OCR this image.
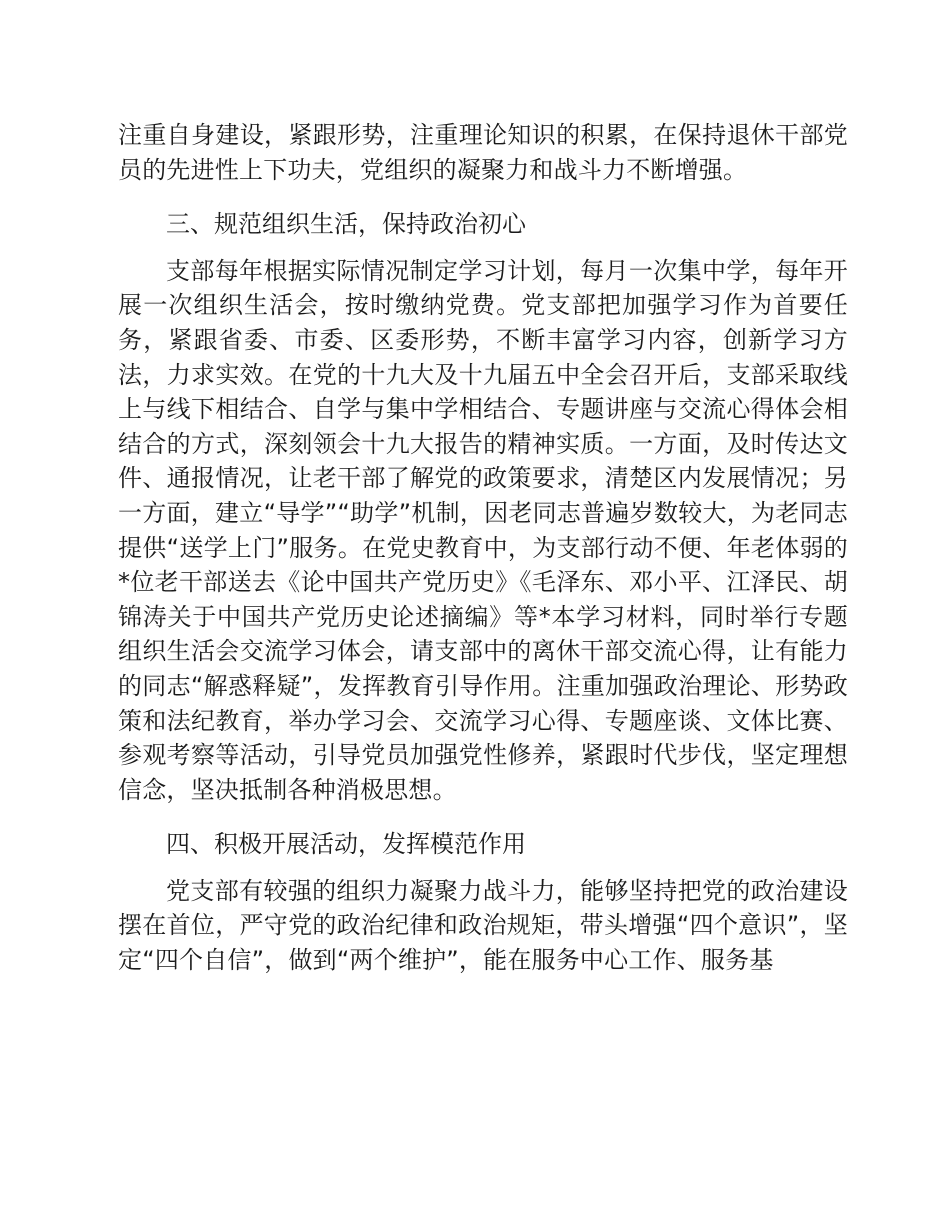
注重自身建设，紧跟形势，注重理论知识的积累，在保持退休干部党员的先进性上下功夫，党组织的凝聚力和战斗力不断增强。

三、规范组织生活，保持政治初心

支部每年根据实际情况制定学习计划，每月一次集中学，每年开展一次组织生活会，按时缴纳党费。党支部把加强学习作为首要任务，紧跟省委、市委、区委形势，不断丰富学习内容，创新学习方法，力求实效。在党的十九大及十九届五中全会召开后，支部采取线上与线下相结合、自学与集中学相结合、专题讲座与交流心得体会相结合的方式，深刻领会十九大报告的精神实质。一方面，及时传达文件、通报情况，让老干部了解党的政策要求，清楚区内发展情况；另一方面，建立“导学”“助学”机制，因老同志普遍岁数较大，为老同志提供“送学上门”服务。在党史教育中，为支部行动不便、年老体弱的*位老干部送去《论中国共产党历史》《毛泽东、邓小平、江泽民、胡锦涛关于中国共产党历史论述摘编》等*本学习材料，同时举行专题组织生活会交流学习体会，请支部中的离休干部交流心得，让有能力的同志“解惑释疑”，发挥教育引导作用。注重加强政治理论、形势政策和法纪教育，举办学习会、交流学习心得、专题座谈、文体比赛、参观考察等活动，引导党员加强党性修养，紧跟时代步伐，坚定理想信念，坚决抵制各种消极思想。

四、积极开展活动，发挥模范作用

党支部有较强的组织力凝聚力战斗力，能够坚持把党的政治建设摆在首位，严守党的政治纪律和政治规矩，带头增强“四个意识”，坚定“四个自信”，做到“两个维护”，能在服务中心工作、服务基
